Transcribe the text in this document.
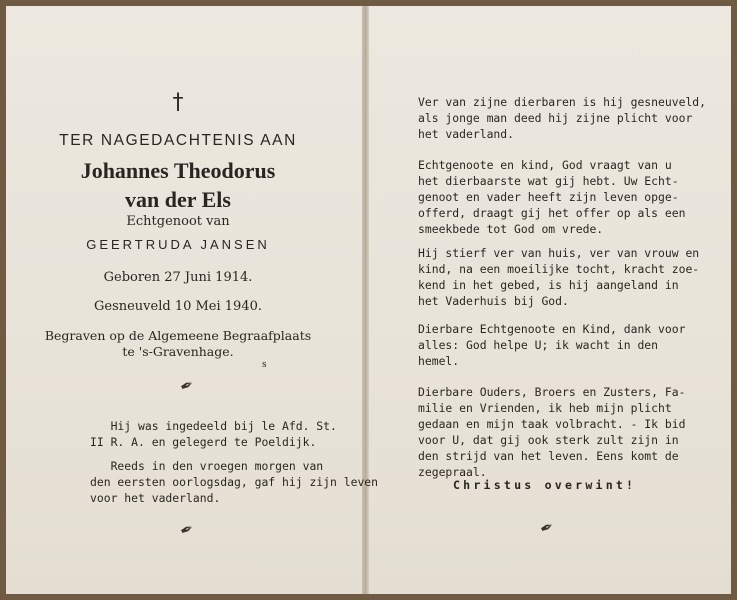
†
TER NAGEDACHTENIS AAN
Johannes Theodorus
van der Els
Echtgenoot van
GEERTRUDA JANSEN
Geboren 27 Juni 1914.
Gesneuveld 10 Mei 1940.
Begraven op de Algemeene Begraafplaats
te 's-Gravenhage.
s
✒
Hij was ingedeeld bij le Afd. St.
II R. A. en gelegerd te Poeldijk.
Reeds in den vroegen morgen van
den eersten oorlogsdag, gaf hij zijn leven
voor het vaderland.
✒
Ver van zijne dierbaren is hij gesneuveld,
als jonge man deed hij zijne plicht voor
het vaderland.
Echtgenoote en kind, God vraagt van u
het dierbaarste wat gij hebt. Uw Echt-
genoot en vader heeft zijn leven opge-
offerd, draagt gij het offer op als een
smeekbede tot God om vrede.
Hij stierf ver van huis, ver van vrouw en
kind, na een moeilijke tocht, kracht zoe-
kend in het gebed, is hij aangeland in
het Vaderhuis bij God.
Dierbare Echtgenoote en Kind, dank voor
alles: God helpe U; ik wacht in den
hemel.
Dierbare Ouders, Broers en Zusters, Fa-
milie en Vrienden, ik heb mijn plicht
gedaan en mijn taak volbracht. - Ik bid
voor U, dat gij ook sterk zult zijn in
den strijd van het leven. Eens komt de
zegepraal.
Christus overwint!
✒
